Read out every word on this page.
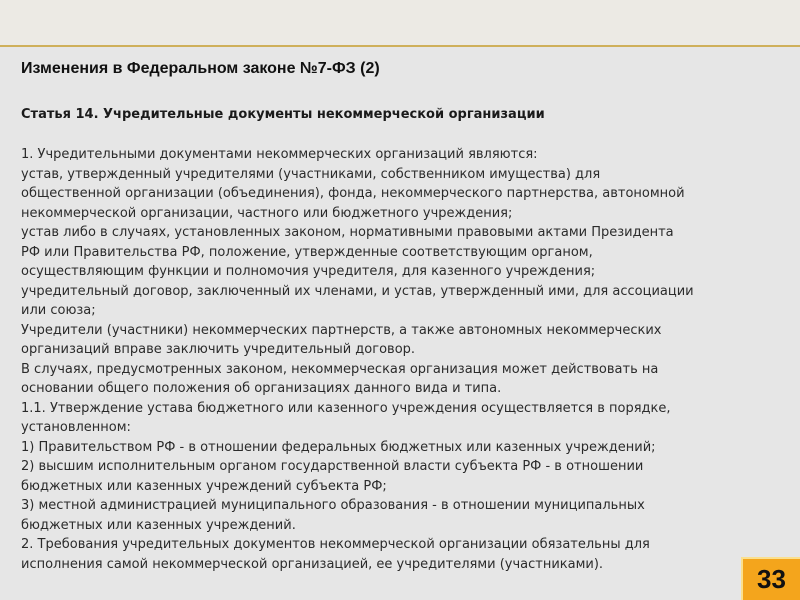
Изменения в Федеральном законе №7-ФЗ (2)
Статья 14. Учредительные документы некоммерческой организации
1. Учредительными документами некоммерческих организаций являются:
устав, утвержденный учредителями (участниками, собственником имущества) для
общественной организации (объединения), фонда, некоммерческого партнерства, автономной
некоммерческой организации, частного или бюджетного учреждения;
устав либо в случаях, установленных законом, нормативными правовыми актами Президента
РФ или Правительства РФ, положение, утвержденные соответствующим органом,
осуществляющим функции и полномочия учредителя, для казенного учреждения;
учредительный договор, заключенный их членами, и устав, утвержденный ими, для ассоциации
или союза;
Учредители (участники) некоммерческих партнерств, а также автономных некоммерческих
организаций вправе заключить учредительный договор.
В случаях, предусмотренных законом, некоммерческая организация может действовать на
основании общего положения об организациях данного вида и типа.
1.1. Утверждение устава бюджетного или казенного учреждения осуществляется в порядке,
установленном:
1) Правительством РФ - в отношении федеральных бюджетных или казенных учреждений;
2) высшим исполнительным органом государственной власти субъекта РФ - в отношении
бюджетных или казенных учреждений субъекта РФ;
3) местной администрацией муниципального образования - в отношении муниципальных
бюджетных или казенных учреждений.
2. Требования учредительных документов некоммерческой организации обязательны для
исполнения самой некоммерческой организацией, ее учредителями (участниками).	33
